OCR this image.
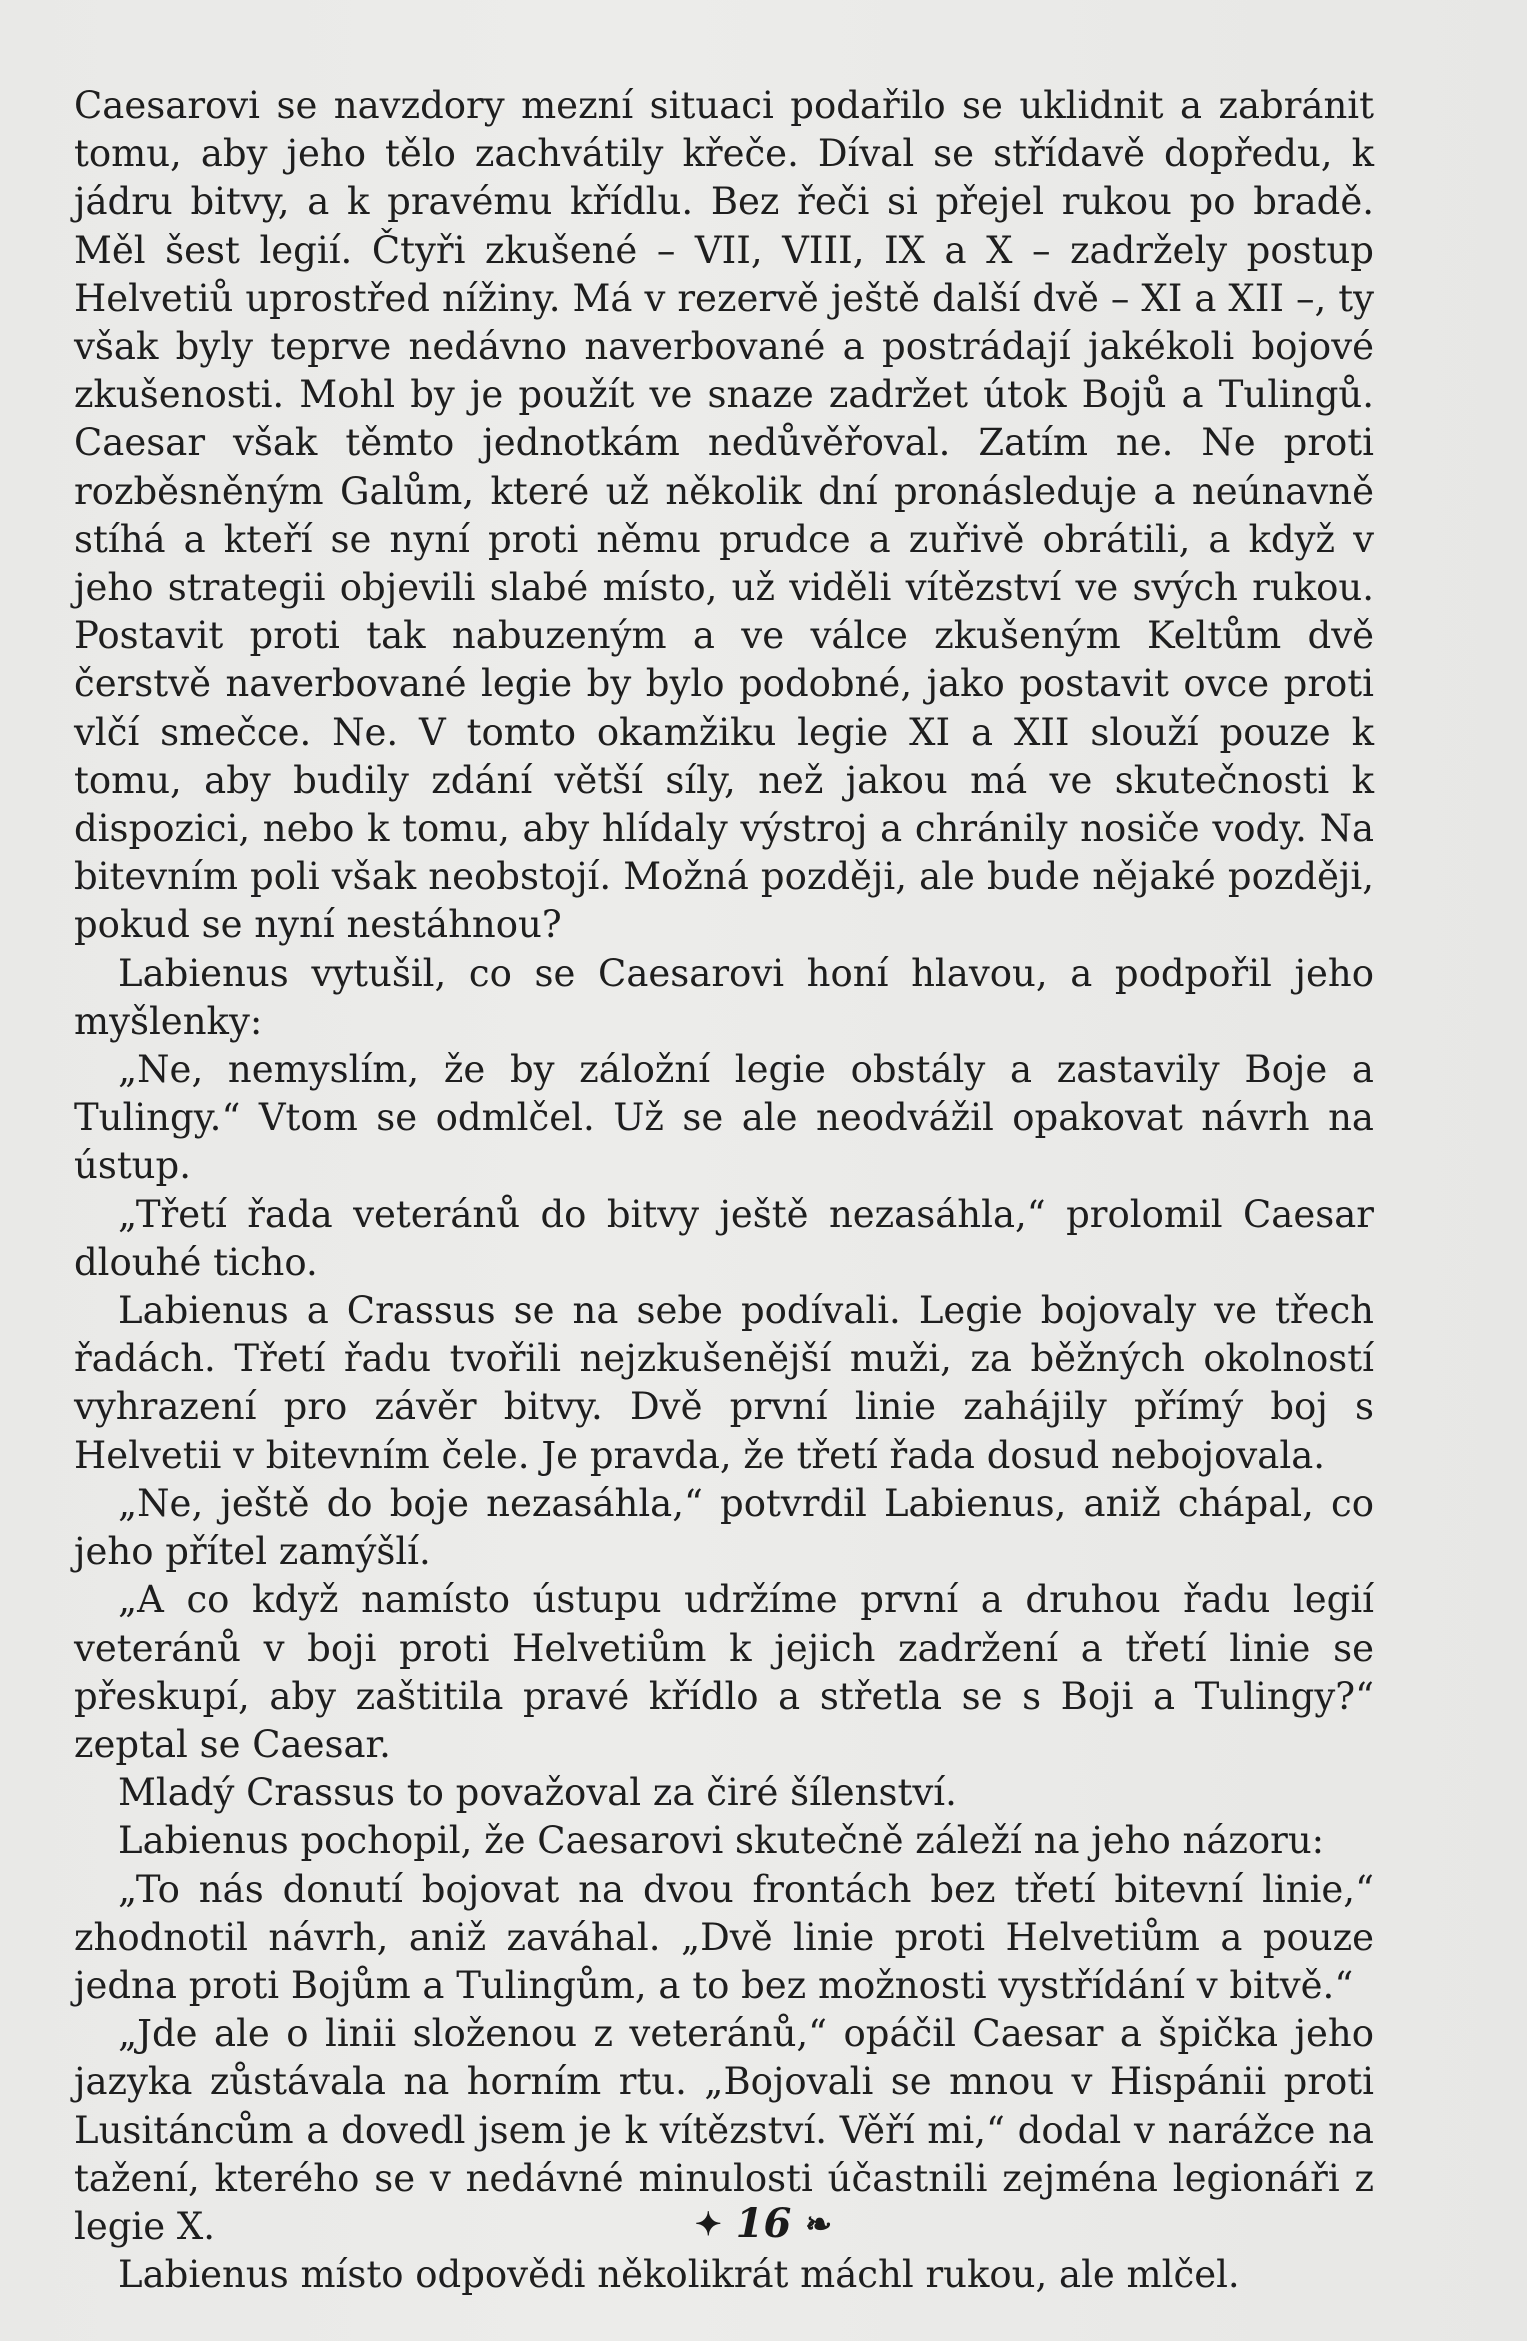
Caesarovi se navzdory mezní situaci podařilo se uklidnit a zabránit tomu, aby jeho tělo zachvátily křeče. Díval se střídavě dopředu, k jádru bitvy, a k pravému křídlu. Bez řeči si přejel rukou po bradě. Měl šest legií. Čtyři zkušené – VII, VIII, IX a X – zadržely postup Helvetiů uprostřed nížiny. Má v rezervě ještě další dvě – XI a XII –, ty však byly teprve nedávno naverbované a postrádají jakékoli bojové zkušenosti. Mohl by je použít ve snaze zadržet útok Bojů a Tulingů. Caesar však těmto jednotkám nedůvěřoval. Zatím ne. Ne proti rozběsněným Galům, které už několik dní pronásleduje a neúnavně stíhá a kteří se nyní proti němu prudce a zuřivě obrátili, a když v jeho strategii objevili slabé místo, už viděli vítězství ve svých rukou. Postavit proti tak nabuzeným a ve válce zkušeným Keltům dvě čerstvě naverbované legie by bylo podobné, jako postavit ovce proti vlčí smečce. Ne. V tomto okamžiku legie XI a XII slouží pouze k tomu, aby budily zdání větší síly, než jakou má ve skutečnosti k dispozici, nebo k tomu, aby hlídaly výstroj a chránily nosiče vody. Na bitevním poli však neobstojí. Možná později, ale bude nějaké později, pokud se nyní nestáhnou?

Labienus vytušil, co se Caesarovi honí hlavou, a podpořil jeho myšlenky:

„Ne, nemyslím, že by záložní legie obstály a zastavily Boje a Tulingy.“ Vtom se odmlčel. Už se ale neodvážil opakovat návrh na ústup.

„Třetí řada veteránů do bitvy ještě nezasáhla,“ prolomil Caesar dlouhé ticho.

Labienus a Crassus se na sebe podívali. Legie bojovaly ve třech řadách. Třetí řadu tvořili nejzkušenější muži, za běžných okolností vyhrazení pro závěr bitvy. Dvě první linie zahájily přímý boj s Helvetii v bitevním čele. Je pravda, že třetí řada dosud nebojovala.

„Ne, ještě do boje nezasáhla,“ potvrdil Labienus, aniž chápal, co jeho přítel zamýšlí.

„A co když namísto ústupu udržíme první a druhou řadu legií veteránů v boji proti Helvetiům k jejich zadržení a třetí linie se přeskupí, aby zaštitila pravé křídlo a střetla se s Boji a Tulingy?“ zeptal se Caesar.

Mladý Crassus to považoval za čiré šílenství.

Labienus pochopil, že Caesarovi skutečně záleží na jeho názoru:

„To nás donutí bojovat na dvou frontách bez třetí bitevní linie,“ zhodnotil návrh, aniž zaváhal. „Dvě linie proti Helvetiům a pouze jedna proti Bojům a Tulingům, a to bez možnosti vystřídání v bitvě.“

„Jde ale o linii složenou z veteránů,“ opáčil Caesar a špička jeho jazyka zůstávala na horním rtu. „Bojovali se mnou v Hispánii proti Lusitáncům a dovedl jsem je k vítězství. Věří mi,“ dodal v narážce na tažení, kterého se v nedávné minulosti účastnili zejména legionáři z legie X.

Labienus místo odpovědi několikrát máchl rukou, ale mlčel.

✦ 16 ❧
